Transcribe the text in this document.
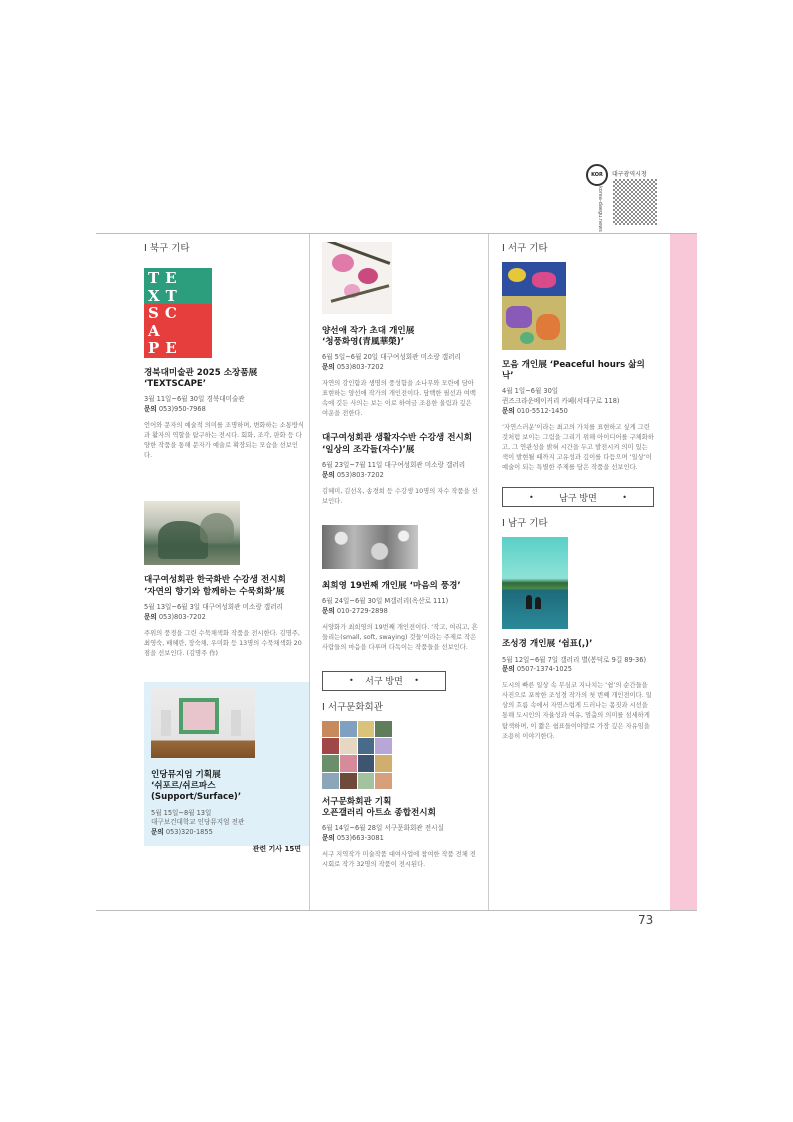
KOR	대구광역시청
korea-daegu.news
I 북구 기타
TE
XT
SC
A
PE
경북대미술관 2025 소장품展
‘TEXTSCAPE’
3월 11일~6월 30일 경북대미술관
문의 053)950-7968
언어와 문자의 예술적 의미를 조명하며, 변화하는 소통방식과 활자의 역할을 탐구하는 전시다. 회화, 조각, 판화 등 다양한 작품을 통해 문자가 예술로 확장되는 모습을 선보인다.
대구여성회관 한국화반 수강생 전시회
‘자연의 향기와 함께하는 수묵회화’展
5월 13일~6월 3일 대구여성회관 미소랑 갤러리
문의 053)803-7202
주위의 풍경을 그린 수묵채색화 작품을 전시한다. 김명주, 최영숙, 배혜란, 장숙채, 우미화 등 13명의 수묵채색화 20점을 선보인다. (김명주 作)
인당뮤지엄 기획展
‘쉬포르/쉬르파스(Support/Surface)’
5월 15일~8월 13일
대구보건대학교 인당뮤지엄 전관
문의 053)320-1855
관련 기사 15면
양선애 작가 초대 개인展
‘청풍화영(青風華榮)’
6월 5일~6월 20일 대구여성회관 미소랑 갤러리
문의 053)803-7202
자연의 강인함과 생명의 풍성함을 소나무와 모란에 담아 표현하는 양선애 작가의 개인전이다. 담백한 필선과 여백 속에 깃든 사의는 보는 이로 하여금 조용한 울림과 깊은 여운을 전한다.
대구여성회관 생활자수반 수강생 전시회
‘일상의 조각들(자수)’展
6월 23일~7월 11일 대구여성회관 미소랑 갤러리
문의 053)803-7202
김혜미, 김선옥, 송경희 등 수강생 10명의 자수 작품을 선보인다.
최희영 19번째 개인展 ‘마음의 풍경’
6월 24일~6월 30일 M갤러리(옥산로 111)
문의 010-2729-2898
서양화가 최희영의 19번째 개인전이다. ‘작고, 여리고, 흔들리는(small, soft, swaying) 것들’이라는 주제로 작은 사람들의 마음을 다루며 다독이는 작품들을 선보인다.
• 서구 방면 •
I 서구문화회관
서구문화회관 기획
오픈갤러리 아트쇼 종합전시회
6월 14일~6월 28일 서구문화회관 전시실
문의 053)663-3081
서구 지역작가 미술작품 대여사업에 참여한 작품 전체 전시회로 작가 32명의 작품이 전시된다.
I 서구 기타
모음 개인展 ‘Peaceful hours 삶의 낙’
4월 1일~6월 30일
퀸즈크라운베이커리 카페(서대구로 118)
문의 010-5512-1450
‘자연스러운’이라는 최고의 가치를 표현하고 싶게 그린 것처럼 보이는 그림을 그리기 위해 아이디어를 구체화하고, 그 연관성을 밝혀 시간을 두고 발전시켜 의미 있는 색이 발현될 때까지 고유성과 깊이를 다듬으며 ‘일상’이 예술이 되는 특별한 주제를 담은 작품을 선보인다.
•	남구 방면	•
I 남구 기타
조성경 개인展 ‘쉼표(,)’
5월 12일~6월 7일 갤러리 별(봉덕로 9길 89-36)
문의 0507-1374-1025
도시의 빠른 일상 속 무심코 지나치는 ‘쉼’의 순간들을 사진으로 포착한 조성경 작가의 첫 번째 개인전이다. 일상의 흐름 속에서 자연스럽게 드러나는 몸짓과 시선을 통해 도시인의 자율성과 여유, 멈춤의 의미를 섬세하게 탐색하며, 이 짧은 쉼표들이야말로 가장 깊은 자유임을 조용히 이야기한다.
73
